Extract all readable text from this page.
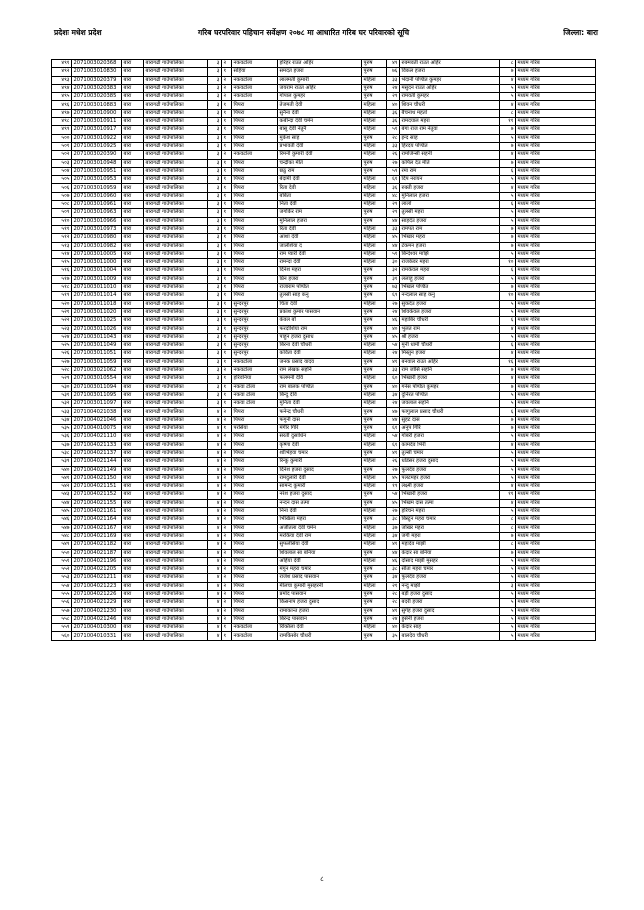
प्रदेशः मधेश प्रदेश	गरिब घरपरिवार पहिचान सर्वेक्षण २०७८ मा आधारित गरिब घर परिवारको सूचि	जिल्ला: बारा
४९१	2071003020368	बारा	बारागढी गाउँपालिका	३	२	नकवटोला	हरिहर राउत अहिर	पुरुष	४९	रुक्मवती राउत अहिर	८	मध्यम गरिब
४९२	2071003010830	बारा	बारागढी गाउँपालिका	३	१	सहिया	समदत हजरा	पुरुष	७६	विकल हजरा	७	मध्यम गरिब
४९३	2071003020379	बारा	बारागढी गाउँपालिका	३	२	नकवटोला	लालमती कुमारी	महिला	३३	भेदानी पण्डित कुमहर	४	मध्यम गरिब
४९४	2071003020383	बारा	बारागढी गाउँपालिका	३	२	नकवटोला	जयराम राउत अहिर	पुरुष	२४	मसुदन राउत अहिर	५	मध्यम गरिब
४९५	2071003020385	बारा	बारागढी गाउँपालिका	३	२	नकवटोला	गोपाल कुमहर	पुरुष	२९	रामवती कुमहर	५	मध्यम गरिब
४९६	2071003010883	बारा	बारागढी गाउँपालिका	३	१	पिपरा	तेजमती देवी	महिला	४०	शिवन चौधरी	४	मध्यम गरिब
४९७	2071003010900	बारा	बारागढी गाउँपालिका	३	१	पिपरा	सुनैना देवी	महिला	३६	बैचनाथ महतो	८	मध्यम गरिब
४९८	2071003010911	बारा	बारागढी गाउँपालिका	३	१	पिपरा	कबीन्दा देवी चमेन	महिला	३६	रामदयाल महरा	११	मध्यम गरिब
४९९	2071003010917	बारा	बारागढी गाउँपालिका	३	१	पिपरा	बासु देवी नेतुनै	महिला	५१	बंगा राज राम नेतुवा	७	मध्यम गरिब
५००	2071003010922	बारा	बारागढी गाउँपालिका	३	१	पिपरा	मुकेश साह	पुरुष	२८	इन्द साह	५	मध्यम गरिब
५०१	2071003010925	बारा	बारागढी गाउँपालिका	३	१	पिपरा	प्रभावती देवी	महिला	३३	हिरदय पण्डित	७	मध्यम गरिब
५०२	2071003020390	बारा	बारागढी गाउँपालिका	३	२	नकवटोला	रिमनी कुमारी देवी	महिला	२६	रामजिन्सी सहनी	४	मध्यम गरिब
५०३	2071003010948	बारा	बारागढी गाउँपालिका	३	१	पिपरा	चन्द्रीका मीते	पुरुष	२७	कपिल देउ मीते	७	मध्यम गरिब
५०४	2071003010951	बारा	बारागढी गाउँपालिका	३	१	पिपरा	छठु राम	पुरुष	५९	रमा राम	६	मध्यम गरिब
५०५	2071003010953	बारा	बारागढी गाउँपालिका	३	१	पिपरा	बेदामी देवी	महिला	६१	दिप नरायन	५	मध्यम गरिब
५०६	2071003010959	बारा	बारागढी गाउँपालिका	३	१	पिपरा	रिता देवी	महिला	३६	रुक्ती हजरा	४	मध्यम गरिब
५०७	2071003010960	बारा	बारागढी गाउँपालिका	३	१	पिपरा	बबिता	महिला	४८	मुनिलाल हजरा	५	मध्यम गरिब
५०८	2071003010961	बारा	बारागढी गाउँपालिका	३	१	पिपरा	निता देवी	महिला	२९	लालो	६	मध्यम गरिब
५०९	2071003010963	बारा	बारागढी गाउँपालिका	३	१	पिपरा	जगकिर राम	पुरुष	२९	तुलसी महरा	५	मध्यम गरिब
५१०	2071003010966	बारा	बारागढी गाउँपालिका	३	१	पिपरा	मुनिलाल हजरा	पुरुष	४४	साहदेउ हजरा	५	मध्यम गरिब
५११	2071003010973	बारा	बारागढी गाउँपालिका	३	१	पिपरा	रिता देवी	महिला	३३	रामपत राम	७	मध्यम गरिब
५१२	2071003010980	बारा	बारागढी गाउँपालिका	३	१	पिपरा	आशा देवी	महिला	४५	भिखार महरा	७	मध्यम गरिब
५१३	2071003010982	बारा	बारागढी गाउँपालिका	३	१	पिपरा	जालेशिया द	महिला	४४	टेकमन हजरा	७	मध्यम गरिब
५१४	2071003010005	बारा	बारागढी गाउँपालिका	३	१	पिपरा	राम प्यारी देवी	महिला	५१	बिन्देश्वर माझि	५	मध्यम गरिब
५१५	2071003011000	बारा	बारागढी गाउँपालिका	३	१	पिपरा	रामन्दा देवी	महिला	३०	राजकेवर महरा	१०	मध्यम गरिब
५१६	2071003011004	बारा	बारागढी गाउँपालिका	३	१	पिपरा	दिनेश महरा	पुरुष	३२	रामकेवल महरा	६	मध्यम गरिब
५१७	2071003011009	बारा	बारागढी गाउँपालिका	३	१	पिपरा	प्रिन हजरा	पुरुष	३१	ललाहु हजरा	५	मध्यम गरिब
५१८	2071003011010	बारा	बारागढी गाउँपालिका	३	१	पिपरा	राजाराम पण्डित	पुरुष	७३	भिखल पण्डित	७	मध्यम गरिब
५१९	2071003011014	बारा	बारागढी गाउँपालिका	३	१	पिपरा	तुलसी साह कनु	पुरुष	६९	नन्दलाल साह कनु	१०	मध्यम गरिब
५२०	2071003011018	बारा	बारागढी गाउँपालिका	३	१	सुन्दरपुर	चिता देवी	महिला	२७	सुकदेउ हजरा	५	मध्यम गरिब
५२१	2071003011020	बारा	बारागढी गाउँपालिका	३	१	सुन्दरपुर	प्रकाश कुमार पासवान	पुरुष	२४	शिवकेवल हजरा	५	मध्यम गरिब
५२२	2071003011025	बारा	बारागढी गाउँपालिका	३	१	सुन्दरपुर	केवल बाँ	पुरुष	४६	महाबिर चौधरी	६	मध्यम गरिब
५२३	2071003011026	बारा	बारागढी गाउँपालिका	३	१	सुन्दरपुर	फरदोशिया राम	पुरुष	४०	भुलत राम	४	मध्यम गरिब
५२४	2071003011043	बारा	बारागढी गाउँपालिका	३	१	सुन्दरपुर	पाहुन हजरा दुसाध	पुरुष	४५	श्री हजरा	५	मध्यम गरिब
५२५	2071003011049	बारा	बारागढी गाउँपालिका	३	१	सुन्दरपुर	बिरना देवी चौधरी	महिला	५४	मुनी धामी चौधरी	६	मध्यम गरिब
५२६	2071003011051	बारा	बारागढी गाउँपालिका	३	१	सुन्दरपुर	कविता देवी	महिला	२४	मिस्तुन हजरा	४	मध्यम गरिब
५२७	2071003011059	बारा	बारागढी गाउँपालिका	३	१	नकवटोला	जनक प्रसाद यादव	पुरुष	४१	बनवाल राउत अहिर	१६	मध्यम गरिब
५२८	2071003021062	बारा	बारागढी गाउँपालिका	३	२	नकवटोला	राम लेखक सहनि	पुरुष	३३	राम जोसि सहनि	७	मध्यम गरिब
५२९	2071003010554	बारा	बारागढी गाउँपालिका	३	१	हरिवनिया	फलमनी देवि	महिला	६०	भिखारी हजरा	४	मध्यम गरिब
५३०	2071003011094	बारा	बारागढी गाउँपालिका	३	१	नकवा टोला	राम बालक पण्डित	पुरुष	४०	गनेस पण्डित कुमहर	७	मध्यम गरिब
५३१	2071003011095	बारा	बारागढी गाउँपालिका	३	१	नकवा टोला	बिन्दु देवि	महिला	३४	दुनिरत पण्डित	५	मध्यम गरिब
५३२	2071003011097	बारा	बारागढी गाउँपालिका	३	१	नकवा टोला	मुनिता देवी	महिला	२४	जवलाल सहनि	५	मध्यम गरिब
५३३	2071004021038	बारा	बारागढी गाउँपालिका	४	२	पिपरा	फनेन्द्र चौधरी	पुरुष	४७	फागुलाल प्रसाद चौधरी	६	मध्यम गरिब
५३४	2071004021046	बारा	बारागढी गाउँपालिका	४	२	पिपरा	फगुनी दास	पुरुष	४४	सुहट दास	७	मध्यम गरिब
५३५	2071004010075	बारा	बारागढी गाउँपालिका	४	१	परसिया	मंगीर गिरि	पुरुष	६१	अनुप गिरि	७	मध्यम गरिब
५३६	2071004021110	बारा	बारागढी गाउँपालिका	४	२	पिपरा	सरती दुसाधिन	महिला	५४	गोबरी हजरा	५	मध्यम गरिब
५३७	2071004021133	बारा	बारागढी गाउँपालिका	४	२	पिपरा	कृष्णा देवी	महिला	६१	कामदेव भिरी	४	मध्यम गरिब
५३८	2071004021137	बारा	बारागढी गाउँपालिका	४	२	पिपरा	शोभिहवा चमार	पुरुष	४१	तुल्सी चमार	५	मध्यम गरिब
५३९	2071004021144	बारा	बारागढी गाउँपालिका	४	२	पिपरा	रिन्कु कुमारी	महिला	२६	धोडेसर हजरा दुसाद	५	मध्यम गरिब
५४०	2071004021149	बारा	बारागढी गाउँपालिका	४	२	पिपरा	दिनेश हजरा दुसाद	पुरुष	२७	फुलदेव हजरा	५	मध्यम गरिब
५४१	2071004021150	बारा	बारागढी गाउँपालिका	४	२	पिपरा	रामदुलारी देवी	महिला	४५	पलटमहर हजरा	५	मध्यम गरिब
५४२	2071004021151	बारा	बारागढी गाउँपालिका	४	२	पिपरा	सामन्द कुमारी	महिला	१९	लक्ष्मी हजरा	४	मध्यम गरिब
५४३	2071004021152	बारा	बारागढी गाउँपालिका	४	२	पिपरा	नरेश हजरा दुसाद	पुरुष	५४	भिखारी हजरा	११	मध्यम गरिब
५४४	2071004021155	बारा	बारागढी गाउँपालिका	४	२	पिपरा	नन्दन दास तत्मा	पुरुष	४५	भिखम दास तत्मा	४	मध्यम गरिब
५४५	2071004021161	बारा	बारागढी गाउँपालिका	४	२	पिपरा	निना देवी	महिला	२७	हरिचन महरा	५	मध्यम गरिब
५४६	2071004021164	बारा	बारागढी गाउँपालिका	४	२	पिपरा	भिखिला महरा	पुरुष	३८	बिस्टुन महरा चमार	८	मध्यम गरिब
५४७	2071004021167	बारा	बारागढी गाउँपालिका	४	२	पिपरा	अजीतला देवी चमेन	महिला	३७	जोखर महरा	८	मध्यम गरिब
५४८	2071004021169	बारा	बारागढी गाउँपालिका	४	२	पिपरा	मरकिया देवी राम	महिला	३४	जगी महरा	७	मध्यम गरिब
५४९	2071004021182	बारा	बारागढी गाउँपालिका	४	२	पिपरा	सुफलेसिया देवी	महिला	४१	महादेव माझी	८	मध्यम गरिब
५५०	2071004021187	बारा	बारागढी गाउँपालिका	४	२	पिपरा	शिवलाल सा बनिया	पुरुष	४४	केदार सा बनिया	७	मध्यम गरिब
५५१	2071004021196	बारा	बारागढी गाउँपालिका	४	२	पिपरा	अहिया देवी	महिला	४६	दोसाद माझी मुसहर	५	मध्यम गरिब
५५२	2071004021205	बारा	बारागढी गाउँपालिका	४	२	पिपरा	मंगुन महरा चमार	पुरुष	३८	सीता महरा चमार	५	मध्यम गरिब
५५३	2071004021211	बारा	बारागढी गाउँपालिका	४	२	पिपरा	राजेश प्रसाद पासवान	पुरुष	३४	फुलदेव हजरा	५	मध्यम गरिब
५५४	2071004021223	बारा	बारागढी गाउँपालिका	४	२	पिपरा	मीलचा कुमारी मुसहरनी	महिला	२१	नन्दु माझी	३	मध्यम गरिब
५५५	2071004021226	बारा	बारागढी गाउँपालिका	४	२	पिपरा	प्रमोद पासवान	पुरुष	२८	बड़ी हजरा दुसाद	५	मध्यम गरिब
५५६	2071004021229	बारा	बारागढी गाउँपालिका	४	२	पिपरा	किसनाप हजरा दुसाद	पुरुष	२८	बदरी हजरा	५	मध्यम गरिब
५५७	2071004021230	बारा	बारागढी गाउँपालिका	४	२	पिपरा	रामाकान्त हजरा	पुरुष	४१	सुगेह हजरा दुसाद	५	मध्यम गरिब
५५८	2071004021246	बारा	बारागढी गाउँपालिका	४	२	पिपरा	बिरेन्द्र पासवान	पुरुष	२४	हुसेनी हजरा	५	मध्यम गरिब
५५९	2071004010300	बारा	बारागढी गाउँपालिका	४	१	नकवटोला	रिक्तिला देवी	महिला	४०	केदार साह	५	मध्यम गरिब
५६०	2071004010331	बारा	बारागढी गाउँपालिका	४	१	नकवटोला	रामकिसोर चौधरी	पुरुष	३५	बालदेव चौधरी	५	मध्यम गरिब
८
